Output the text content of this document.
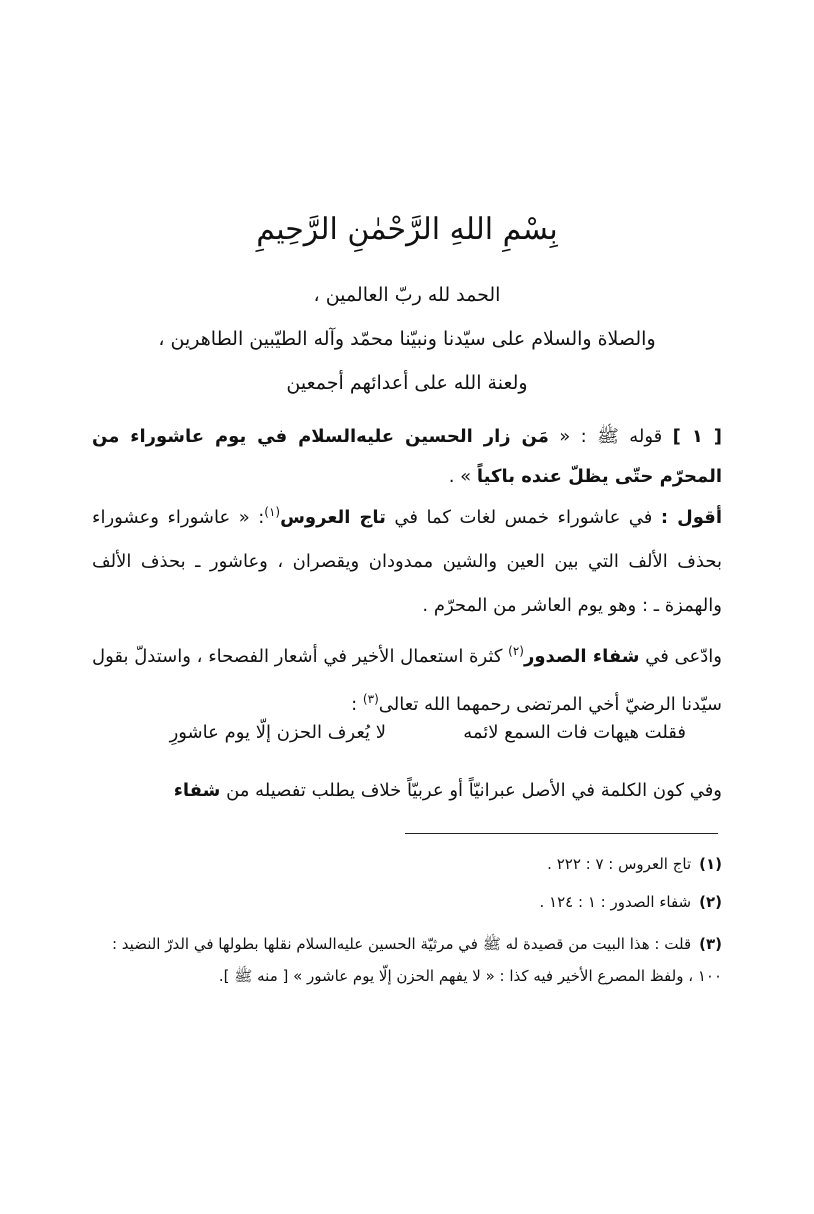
بِسْمِ اللهِ الرَّحْمٰنِ الرَّحِيمِ
الحمد لله ربّ العالمين ،
والصلاة والسلام على سيّدنا ونبيّنا محمّد وآله الطيّبين الطاهرين ،
ولعنة الله على أعدائهم أجمعين
[ ١ ] قوله ﷺ : « مَن زار الحسين عليه‌السلام في يوم عاشوراء من المحرّم حتّى يظلّ عنده باكياً » .
أقول : في عاشوراء خمس لغات كما في تاج العروس$^{(١)}$: « عاشوراء وعشوراء بحذف الألف التي بين العين والشين ممدودان ويقصران ، وعاشور ـ بحذف الألف والهمزة ـ : وهو يوم العاشر من المحرّم .
وادّعى في شفاء الصدور$^{(٢)}$ كثرة استعمال الأخير في أشعار الفصحاء ، واستدلّ بقول سيّدنا الرضيّ أخي المرتضى رحمهما الله تعالى$^{(٣)}$ :
فقلت هيهات فات السمع لائمه
لا يُعرف الحزن إلّا يوم عاشورِ
وفي كون الكلمة في الأصل عبرانيّاً أو عربيّاً خلاف يطلب تفصيله من شفاء
(١)تاج العروس : ٧ : ٢٢٢ .
(٢)شفاء الصدور : ١ : ١٢٤ .
(٣)قلت : هذا البيت من قصيدة له ﷺ في مرثيّة الحسين عليه‌السلام نقلها بطولها في الدرّ النضيد : ١٠٠ ، ولفظ المصرع الأخير فيه كذا : « لا يفهم الحزن إلّا يوم عاشور » [ منه ﷺ ].
